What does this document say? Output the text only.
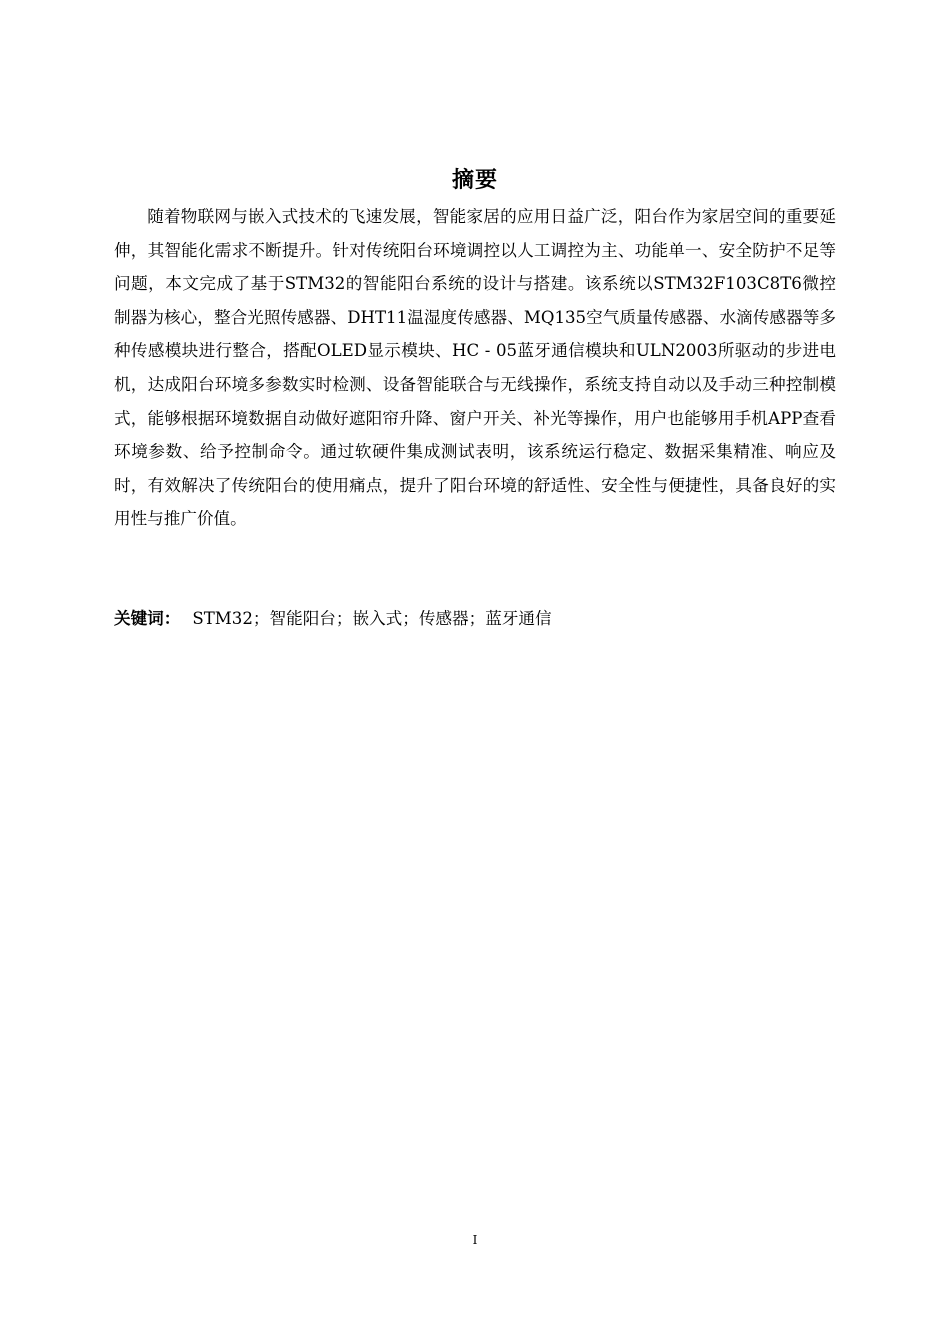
摘要

随着物联网与嵌入式技术的飞速发展，智能家居的应用日益广泛，阳台作为家居空间的重要延伸，其智能化需求不断提升。针对传统阳台环境调控以人工调控为主、功能单一、安全防护不足等问题，本文完成了基于STM32的智能阳台系统的设计与搭建。该系统以STM32F103C8T6微控制器为核心，整合光照传感器、DHT11温湿度传感器、MQ135空气质量传感器、水滴传感器等多种传感模块进行整合，搭配OLED显示模块、HC - 05蓝牙通信模块和ULN2003所驱动的步进电机，达成阳台环境多参数实时检测、设备智能联合与无线操作，系统支持自动以及手动三种控制模式，能够根据环境数据自动做好遮阳帘升降、窗户开关、补光等操作，用户也能够用手机APP查看环境参数、给予控制命令。通过软硬件集成测试表明，该系统运行稳定、数据采集精准、响应及时，有效解决了传统阳台的使用痛点，提升了阳台环境的舒适性、安全性与便捷性，具备良好的实用性与推广价值。

关键词： STM32；智能阳台；嵌入式；传感器；蓝牙通信

I
